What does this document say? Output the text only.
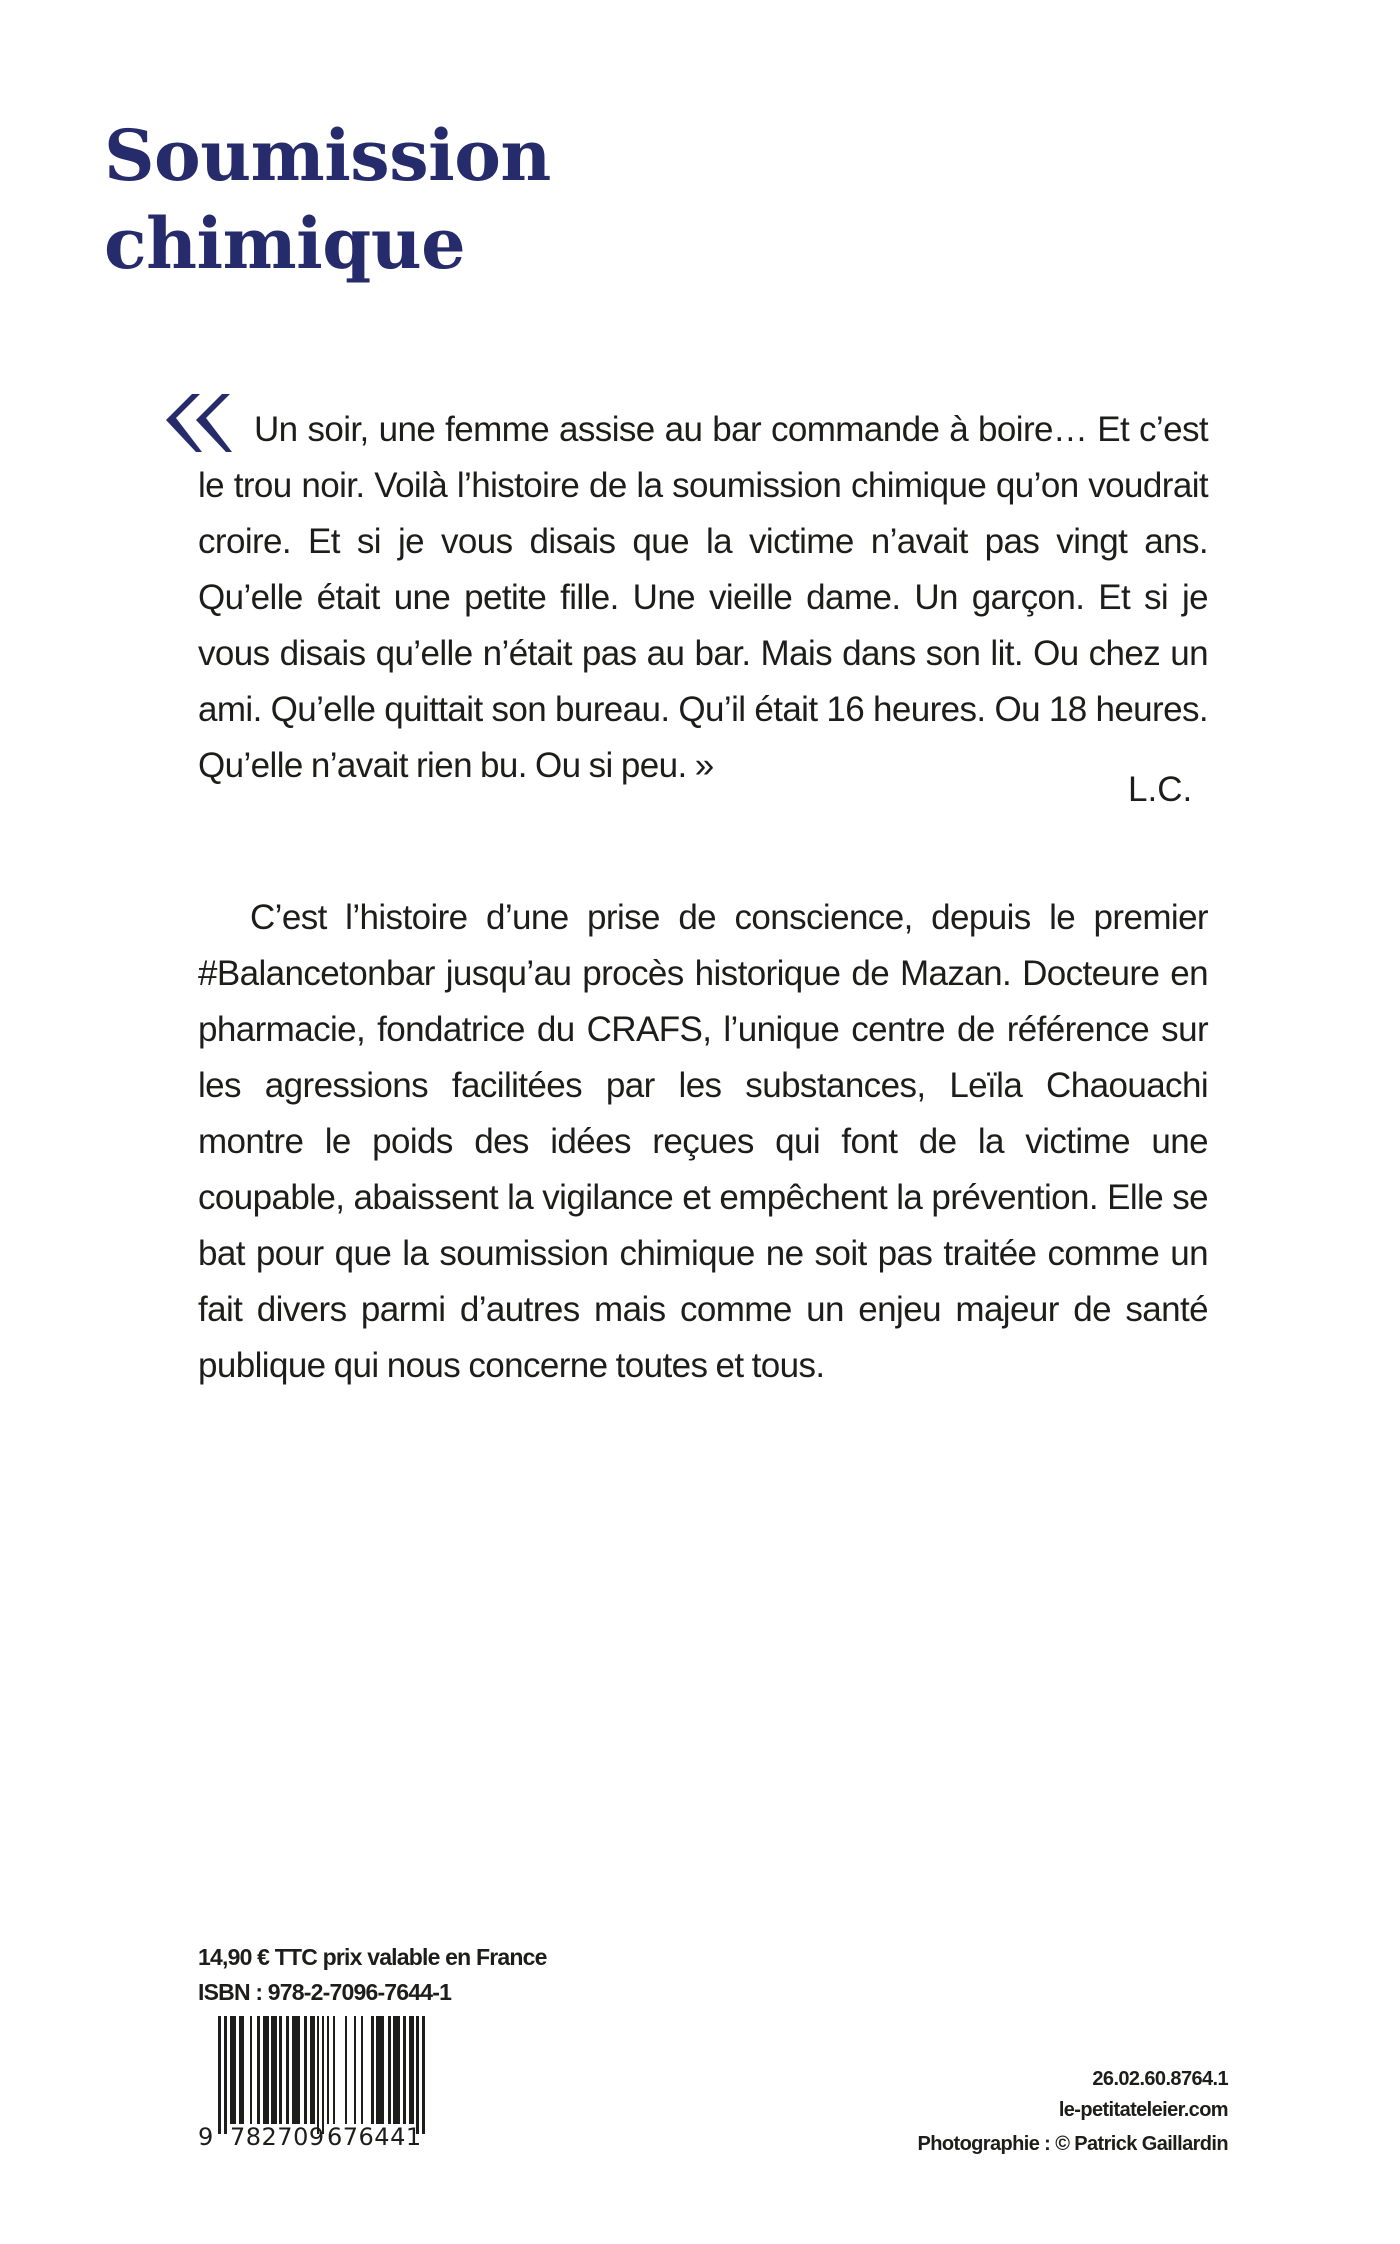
Soumission
chimique

Un soir, une femme assise au bar commande à boire… Et c’est le trou noir. Voilà l’histoire de la soumission chimique qu’on voudrait croire. Et si je vous disais que la victime n’avait pas vingt ans. Qu’elle était une petite fille. Une vieille dame. Un garçon. Et si je vous disais qu’elle n’était pas au bar. Mais dans son lit. Ou chez un ami. Qu’elle quittait son bureau. Qu’il était 16 heures. Ou 18 heures. Qu’elle n’avait rien bu. Ou si peu. »

L.C.

C’est l’histoire d’une prise de conscience, depuis le premier #Balancetonbar jusqu’au procès historique de Mazan. Docteure en pharmacie, fondatrice du CRAFS, l’unique centre de référence sur les agressions facilitées par les substances, Leïla Chaouachi montre le poids des idées reçues qui font de la victime une coupable, abaissent la vigilance et empêchent la prévention. Elle se bat pour que la soumission chimique ne soit pas traitée comme un fait divers parmi d’autres mais comme un enjeu majeur de santé publique qui nous concerne toutes et tous.

14,90 € TTC prix valable en France
ISBN : 978-2-7096-7644-1
9 782709 676441
26.02.60.8764.1
le-petitateleier.com
Photographie : © Patrick Gaillardin
